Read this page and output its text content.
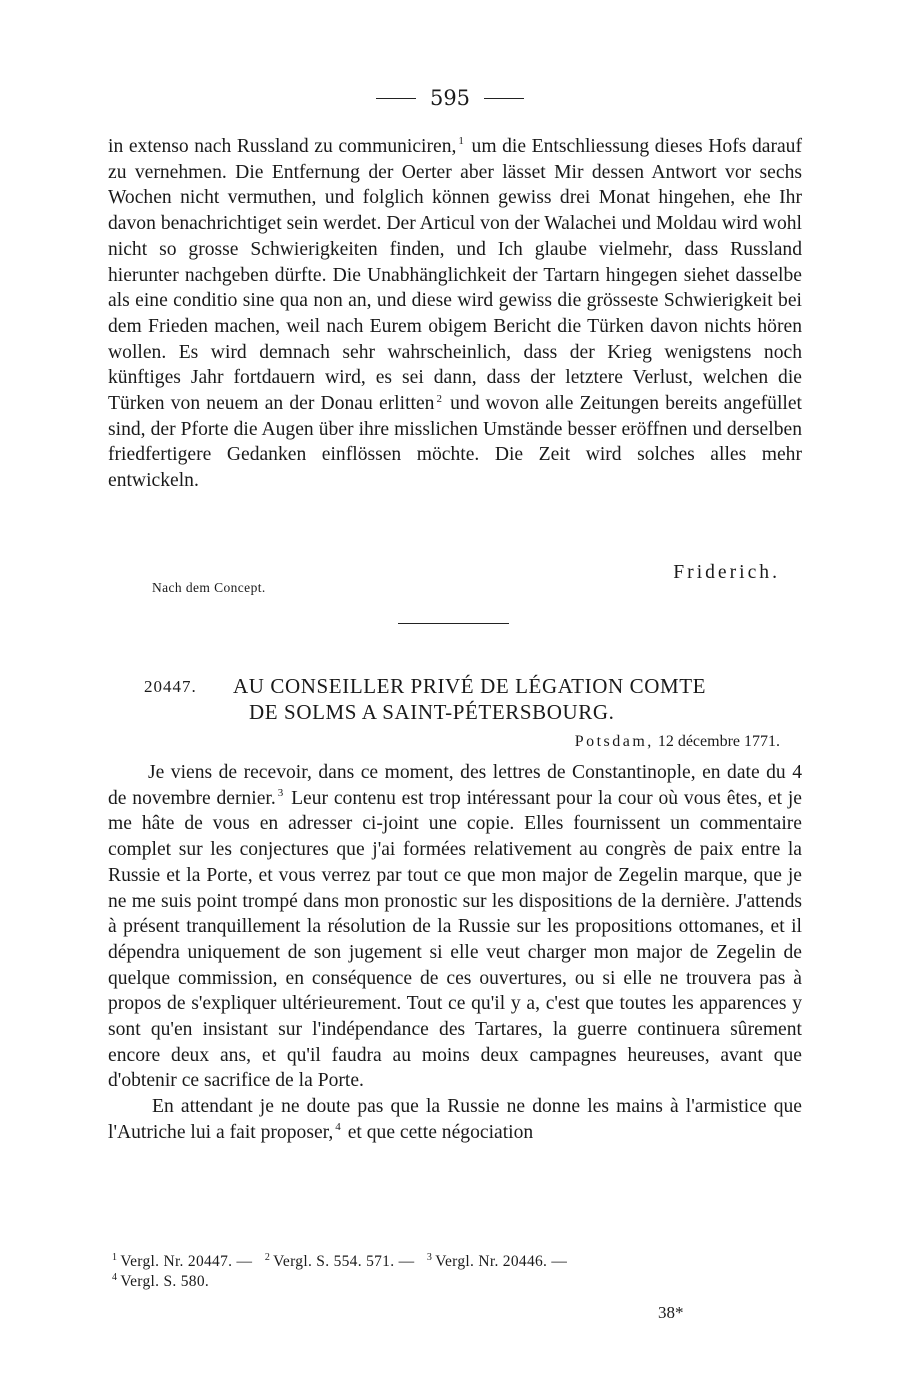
595
in extenso nach Russland zu communiciren, $^1$ um die Entschliessung dieses Hofs darauf zu vernehmen. Die Entfernung der Oerter aber lässet Mir dessen Antwort vor sechs Wochen nicht vermuthen, und folglich können gewiss drei Monat hingehen, ehe Ihr davon benachrichtiget sein werdet. Der Articul von der Walachei und Moldau wird wohl nicht so grosse Schwierigkeiten finden, und Ich glaube vielmehr, dass Russland hierunter nachgeben dürfte. Die Unabhänglichkeit der Tartarn hingegen siehet dasselbe als eine conditio sine qua non an, und diese wird gewiss die grösseste Schwierigkeit bei dem Frieden machen, weil nach Eurem obigem Bericht die Türken davon nichts hören wollen. Es wird demnach sehr wahrscheinlich, dass der Krieg wenigstens noch künftiges Jahr fortdauern wird, es sei dann, dass der letztere Verlust, welchen die Türken von neuem an der Donau erlitten $^2$ und wovon alle Zeitungen bereits angefüllet sind, der Pforte die Augen über ihre misslichen Umstände besser eröffnen und derselben friedfertigere Gedanken einflössen möchte. Die Zeit wird solches alles mehr entwickeln.
Nach dem Concept.
Friderich.
20447. AU CONSEILLER PRIVÉ DE LÉGATION COMTE
DE SOLMS A SAINT-PÉTERSBOURG.
Potsdam, 12 décembre 1771.

Je viens de recevoir, dans ce moment, des lettres de Constantinople, en date du 4 de novembre dernier. $^3$ Leur contenu est trop intéressant pour la cour où vous êtes, et je me hâte de vous en adresser ci-joint une copie. Elles fournissent un commentaire complet sur les conjectures que j'ai formées relativement au congrès de paix entre la Russie et la Porte, et vous verrez par tout ce que mon major de Zegelin marque, que je ne me suis point trompé dans mon pronostic sur les dispositions de la dernière. J'attends à présent tranquillement la résolution de la Russie sur les propositions ottomanes, et il dépendra uniquement de son jugement si elle veut charger mon major de Zegelin de quelque commission, en conséquence de ces ouvertures, ou si elle ne trouvera pas à propos de s'expliquer ultérieurement. Tout ce qu'il y a, c'est que toutes les apparences y sont qu'en insistant sur l'indépendance des Tartares, la guerre continuera sûrement encore deux ans, et qu'il faudra au moins deux campagnes heureuses, avant que d'obtenir ce sacrifice de la Porte.

En attendant je ne doute pas que la Russie ne donne les mains à l'armistice que l'Autriche lui a fait proposer, $^4$ et que cette négociation

$^1$ Vergl. Nr. 20447. — $^2$ Vergl. S. 554. 571. — $^3$ Vergl. Nr. 20446. —
$^4$ Vergl. S. 580.
38*
